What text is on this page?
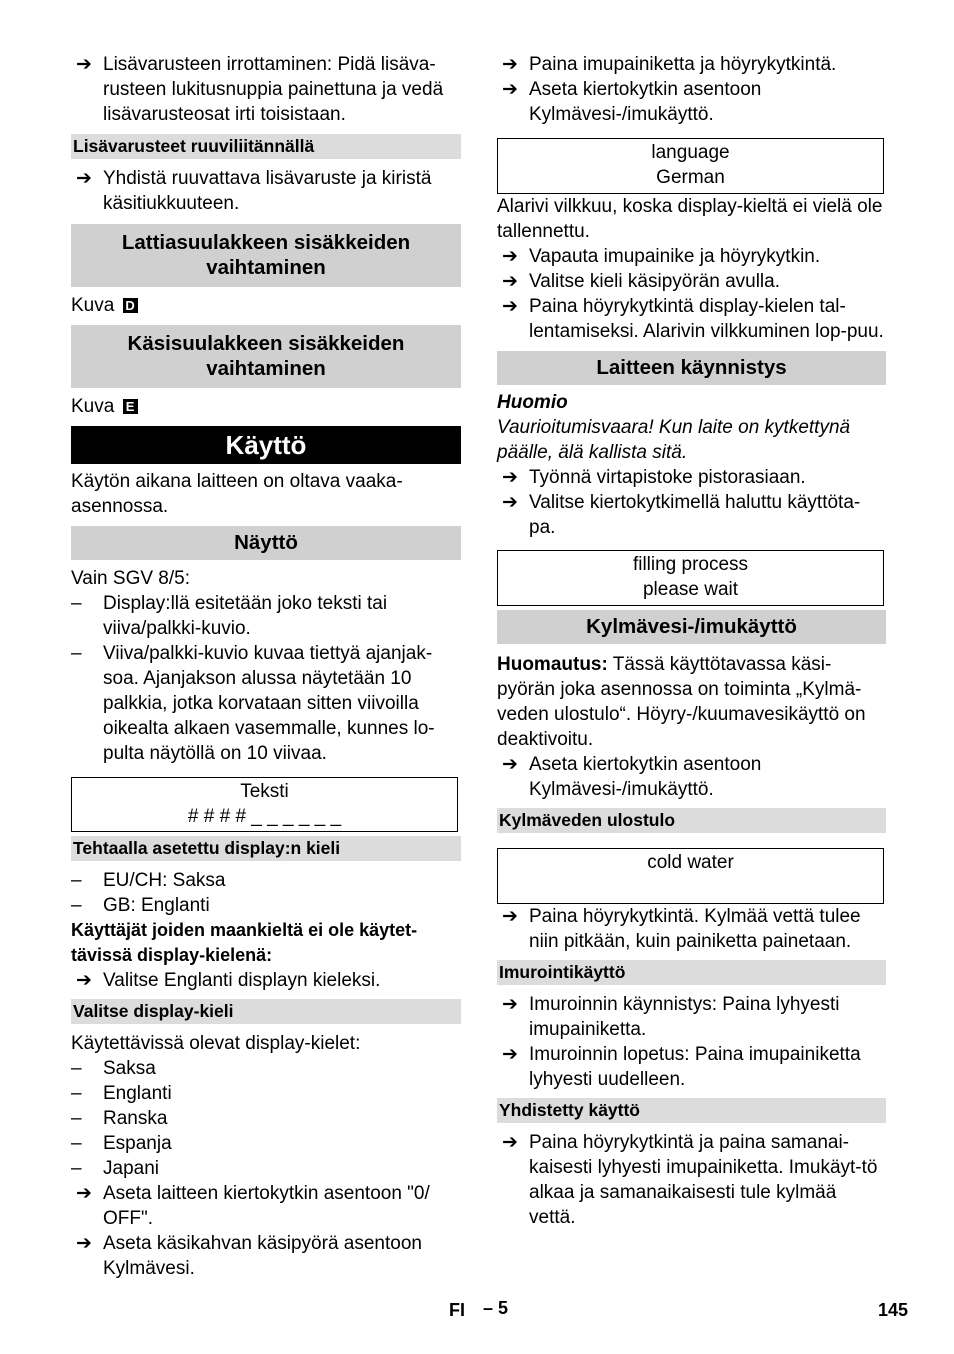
➔ Lisävarusteen irrottaminen: Pidä lisäva-rusteen lukitusnuppia painettuna ja vedä lisävarusteosat irti toisistaan.

Lisävarusteet ruuviliitännällä

➔ Yhdistä ruuvattava lisävaruste ja kiristä käsitiukkuuteen.

Lattiasuulakkeen sisäkkeiden vaihtaminen

Kuva D

Käsisuulakkeen sisäkkeiden vaihtaminen

Kuva E

Käyttö

Käytön aikana laitteen on oltava vaaka-asennossa.

Näyttö

Vain SGV 8/5:

– Display:llä esitetään joko teksti tai viiva/palkki-kuvio.

– Viiva/palkki-kuvio kuvaa tiettyä ajanjak-soa. Ajanjakson alussa näytetään 10 palkkia, jotka korvataan sitten viivoilla oikealta alkaen vasemmalle, kunnes lo-pulta näytöllä on 10 viivaa.

Teksti
# # # # _ _ _ _ _ _
Tehtaalla asetettu display:n kieli

– EU/CH: Saksa

– GB: Englanti

Käyttäjät joiden maankieltä ei ole käytet-tävissä display-kielenä:

➔ Valitse Englanti displayn kieleksi.

Valitse display-kieli

Käytettävissä olevat display-kielet:

– Saksa

– Englanti

– Ranska

– Espanja

– Japani

➔ Aseta laitteen kiertokytkin asentoon "0/ OFF".

➔ Aseta käsikahvan käsipyörä asentoon Kylmävesi.

➔ Paina imupainiketta ja höyrykytkintä.

➔ Aseta kiertokytkin asentoon Kylmävesi-/imukäyttö.

language
German

Alarivi vilkkuu, koska display-kieltä ei vielä ole tallennettu.

➔ Vapauta imupainike ja höyrykytkin.

➔ Valitse kieli käsipyörän avulla.

➔ Paina höyrykytkintä display-kielen tal-lentamiseksi. Alarivin vilkkuminen lop-puu.

Laitteen käynnistys

Huomio

Vaurioitumisvaara! Kun laite on kytkettynä päälle, älä kallista sitä.

➔ Työnnä virtapistoke pistorasiaan.

➔ Valitse kiertokytkimellä haluttu käyttöta-pa.

filling process
please wait
Kylmävesi-/imukäyttö

Huomautus: Tässä käyttötavassa käsi-pyörän joka asennossa on toiminta „Kylmä-veden ulostulo“. Höyry-/kuumavesikäyttö on deaktivoitu.

➔ Aseta kiertokytkin asentoon Kylmävesi-/imukäyttö.

Kylmäveden ulostulo
cold water

➔ Paina höyrykytkintä. Kylmää vettä tulee niin pitkään, kuin painiketta painetaan.

Imurointikäyttö

➔ Imuroinnin käynnistys: Paina lyhyesti imupainiketta.

➔ Imuroinnin lopetus: Paina imupainiketta lyhyesti uudelleen.

Yhdistetty käyttö

➔ Paina höyrykytkintä ja paina samanai-kaisesti lyhyesti imupainiketta. Imukäyt-tö alkaa ja samanaikaisesti tule kylmää vettä.

FI – 5	145
